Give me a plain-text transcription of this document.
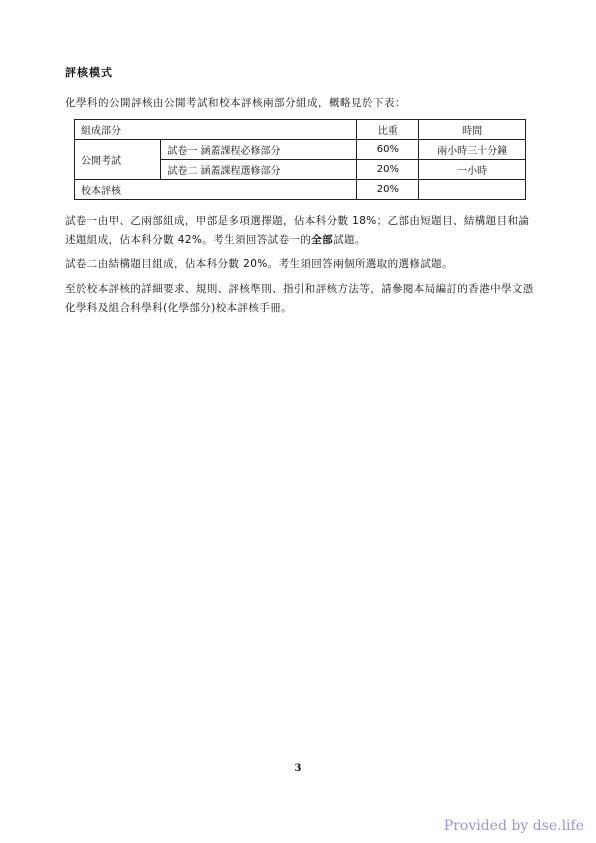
評核模式
化學科的公開評核由公開考試和校本評核兩部分組成，概略見於下表：
組成部分		比重	時間
公開考試	試卷一 涵蓋課程必修部分	60%	兩小時三十分鐘
	試卷二 涵蓋課程選修部分	20%	一小時
校本評核		20%	

試卷一由甲、乙兩部組成，甲部是多項選擇題，佔本科分數 18%；乙部由短題目、結構題目和論述題組成，佔本科分數 42%。考生須回答試卷一的全部試題。

試卷二由結構題目組成，佔本科分數 20%。考生須回答兩個所選取的選修試題。

至於校本評核的詳細要求、規則、評核準則、指引和評核方法等，請參閱本局編訂的香港中學文憑化學科及組合科學科(化學部分)校本評核手冊。

3
Provided by dse.life
